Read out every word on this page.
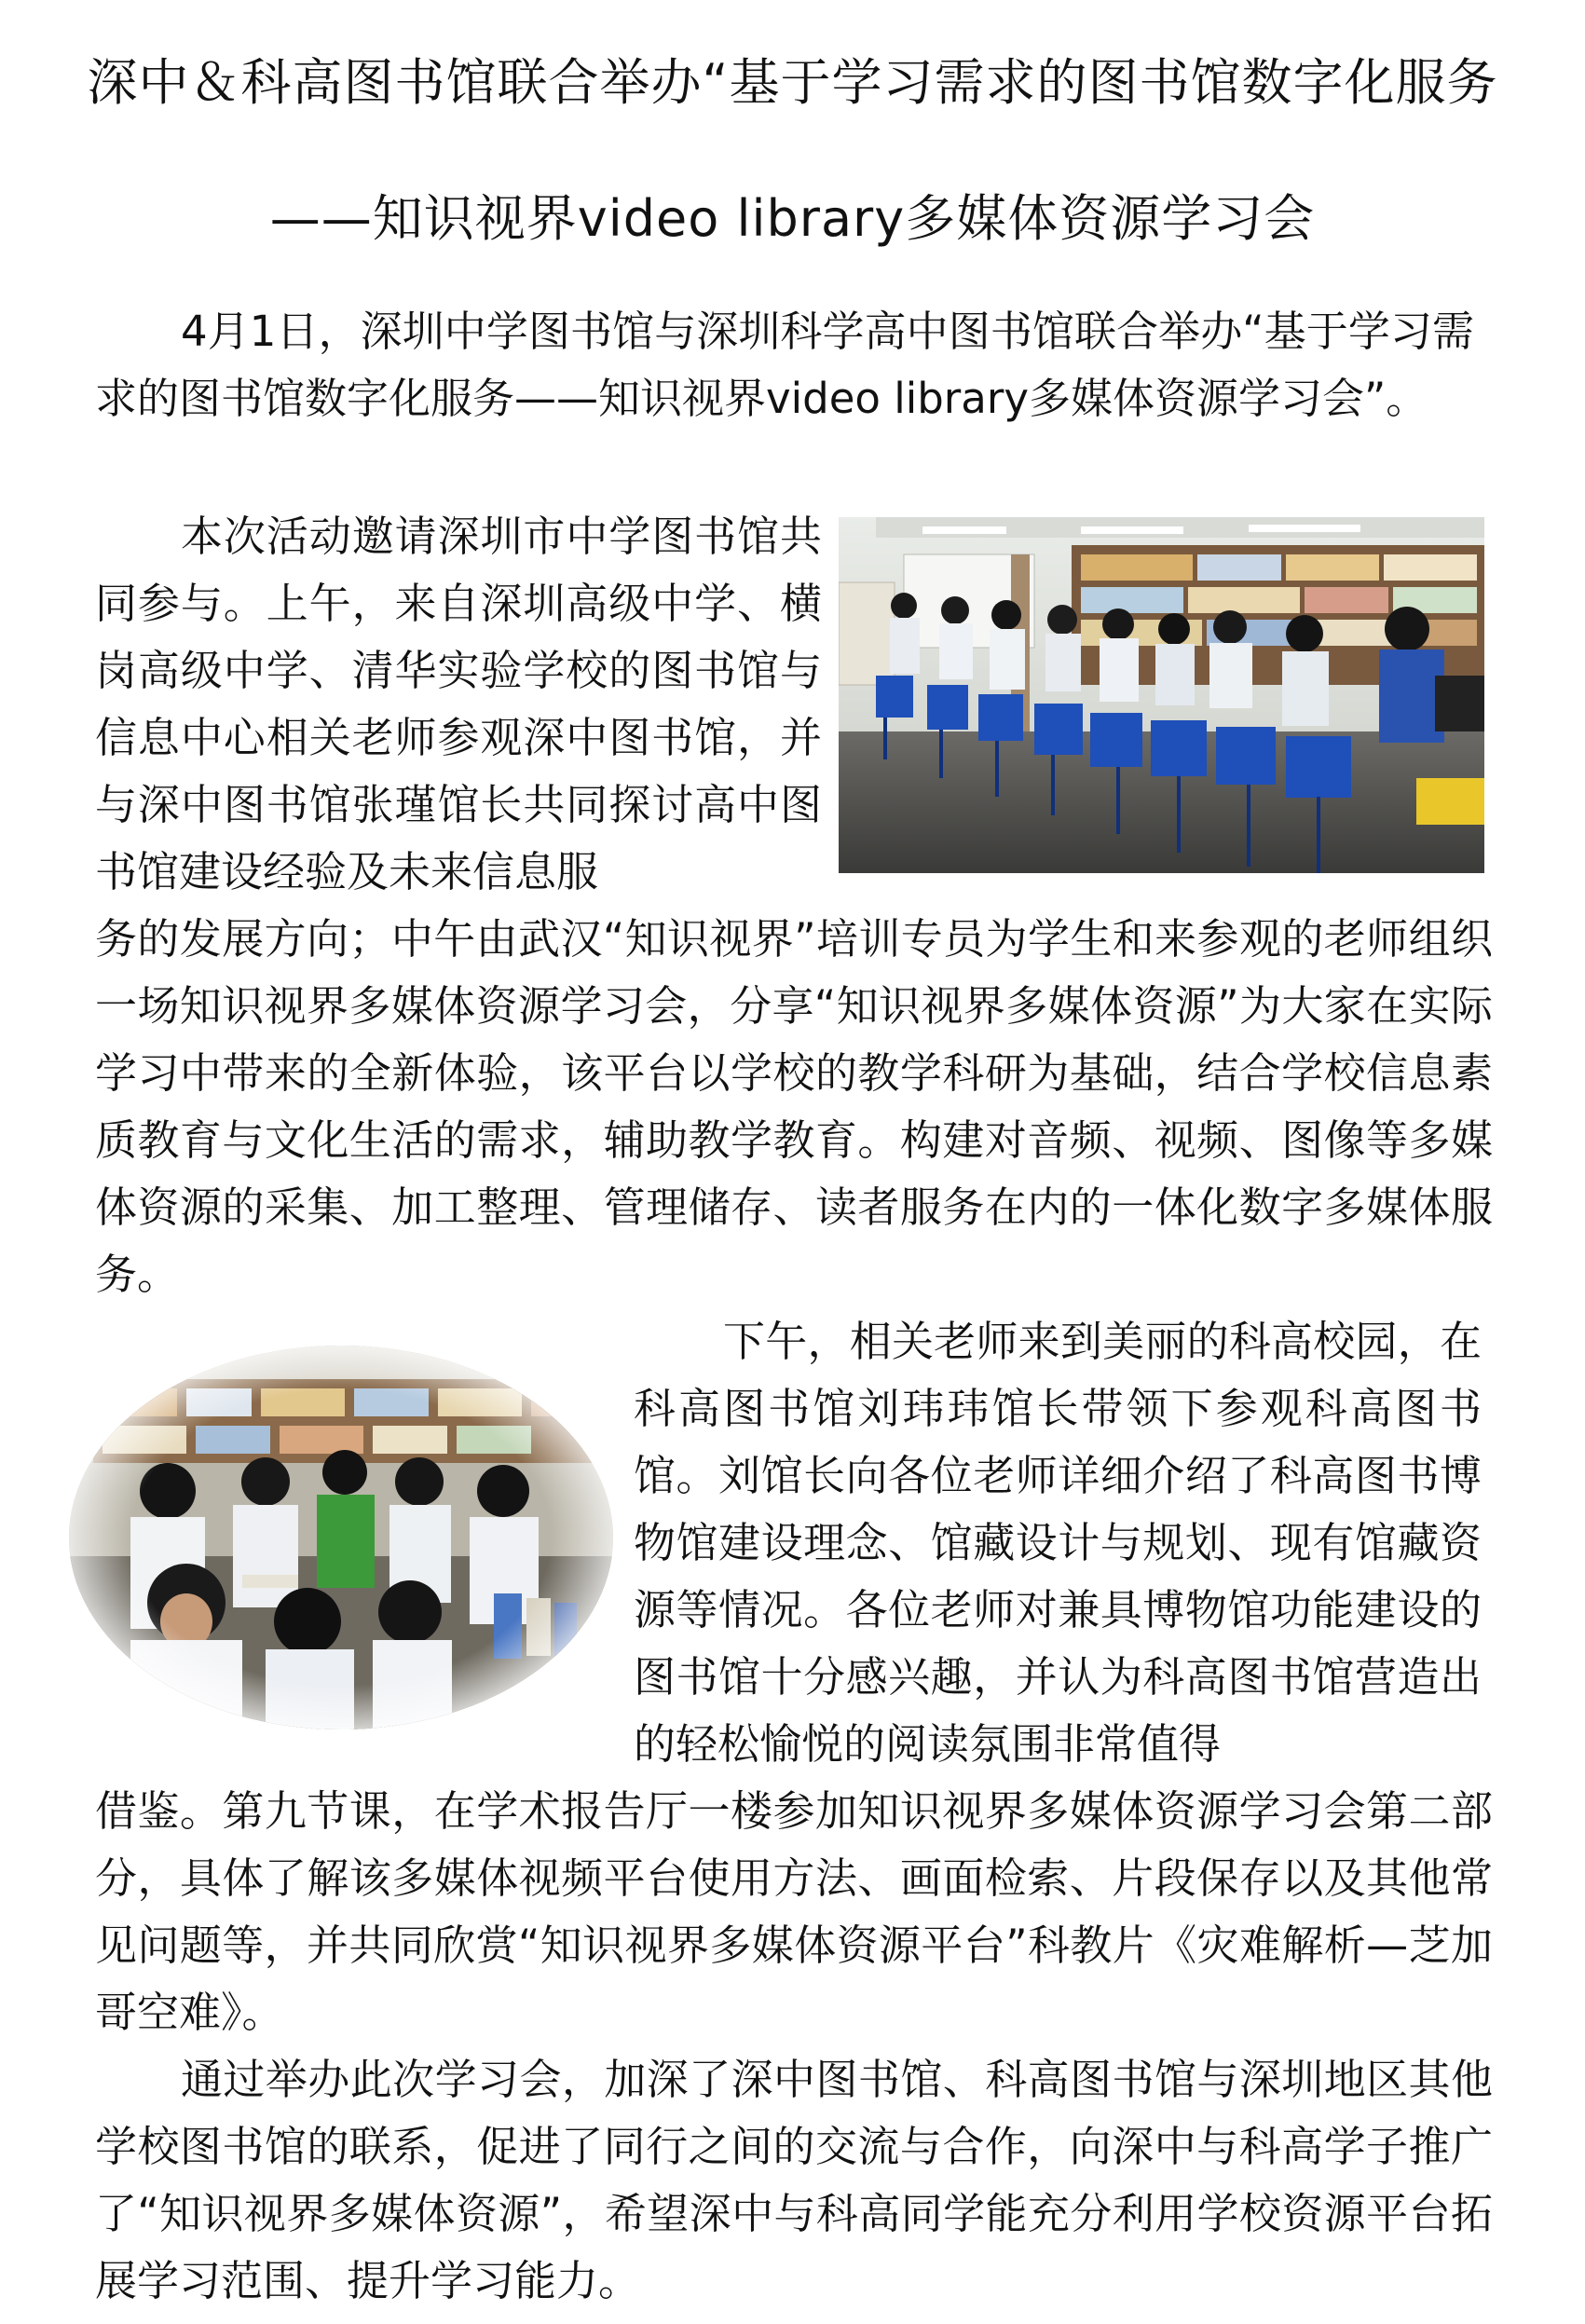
深中＆科高图书馆联合举办“基于学习需求的图书馆数字化服务
——知识视界video library多媒体资源学习会
4月1日，深圳中学图书馆与深圳科学高中图书馆联合举办“基于学习需求的图书馆数字化服务——知识视界video library多媒体资源学习会”。
本次活动邀请深圳市中学图书馆共同参与。上午，来自深圳高级中学、横岗高级中学、清华实验学校的图书馆与信息中心相关老师参观深中图书馆，并与深中图书馆张瑾馆长共同探讨高中图书馆建设经验及未来信息服
务的发展方向；中午由武汉“知识视界”培训专员为学生和来参观的老师组织一场知识视界多媒体资源学习会，分享“知识视界多媒体资源”为大家在实际学习中带来的全新体验，该平台以学校的教学科研为基础，结合学校信息素质教育与文化生活的需求，辅助教学教育。构建对音频、视频、图像等多媒体资源的采集、加工整理、管理储存、读者服务在内的一体化数字多媒体服务。
下午，相关老师来到美丽的科高校园，在科高图书馆刘玮玮馆长带领下参观科高图书馆。刘馆长向各位老师详细介绍了科高图书博物馆建设理念、馆藏设计与规划、现有馆藏资源等情况。各位老师对兼具博物馆功能建设的图书馆十分感兴趣，并认为科高图书馆营造出的轻松愉悦的阅读氛围非常值得
借鉴。第九节课，在学术报告厅一楼参加知识视界多媒体资源学习会第二部分，具体了解该多媒体视频平台使用方法、画面检索、片段保存以及其他常见问题等，并共同欣赏“知识视界多媒体资源平台”科教片《灾难解析—芝加哥空难》。
通过举办此次学习会，加深了深中图书馆、科高图书馆与深圳地区其他学校图书馆的联系，促进了同行之间的交流与合作，向深中与科高学子推广了“知识视界多媒体资源”，希望深中与科高同学能充分利用学校资源平台拓展学习范围、提升学习能力。
